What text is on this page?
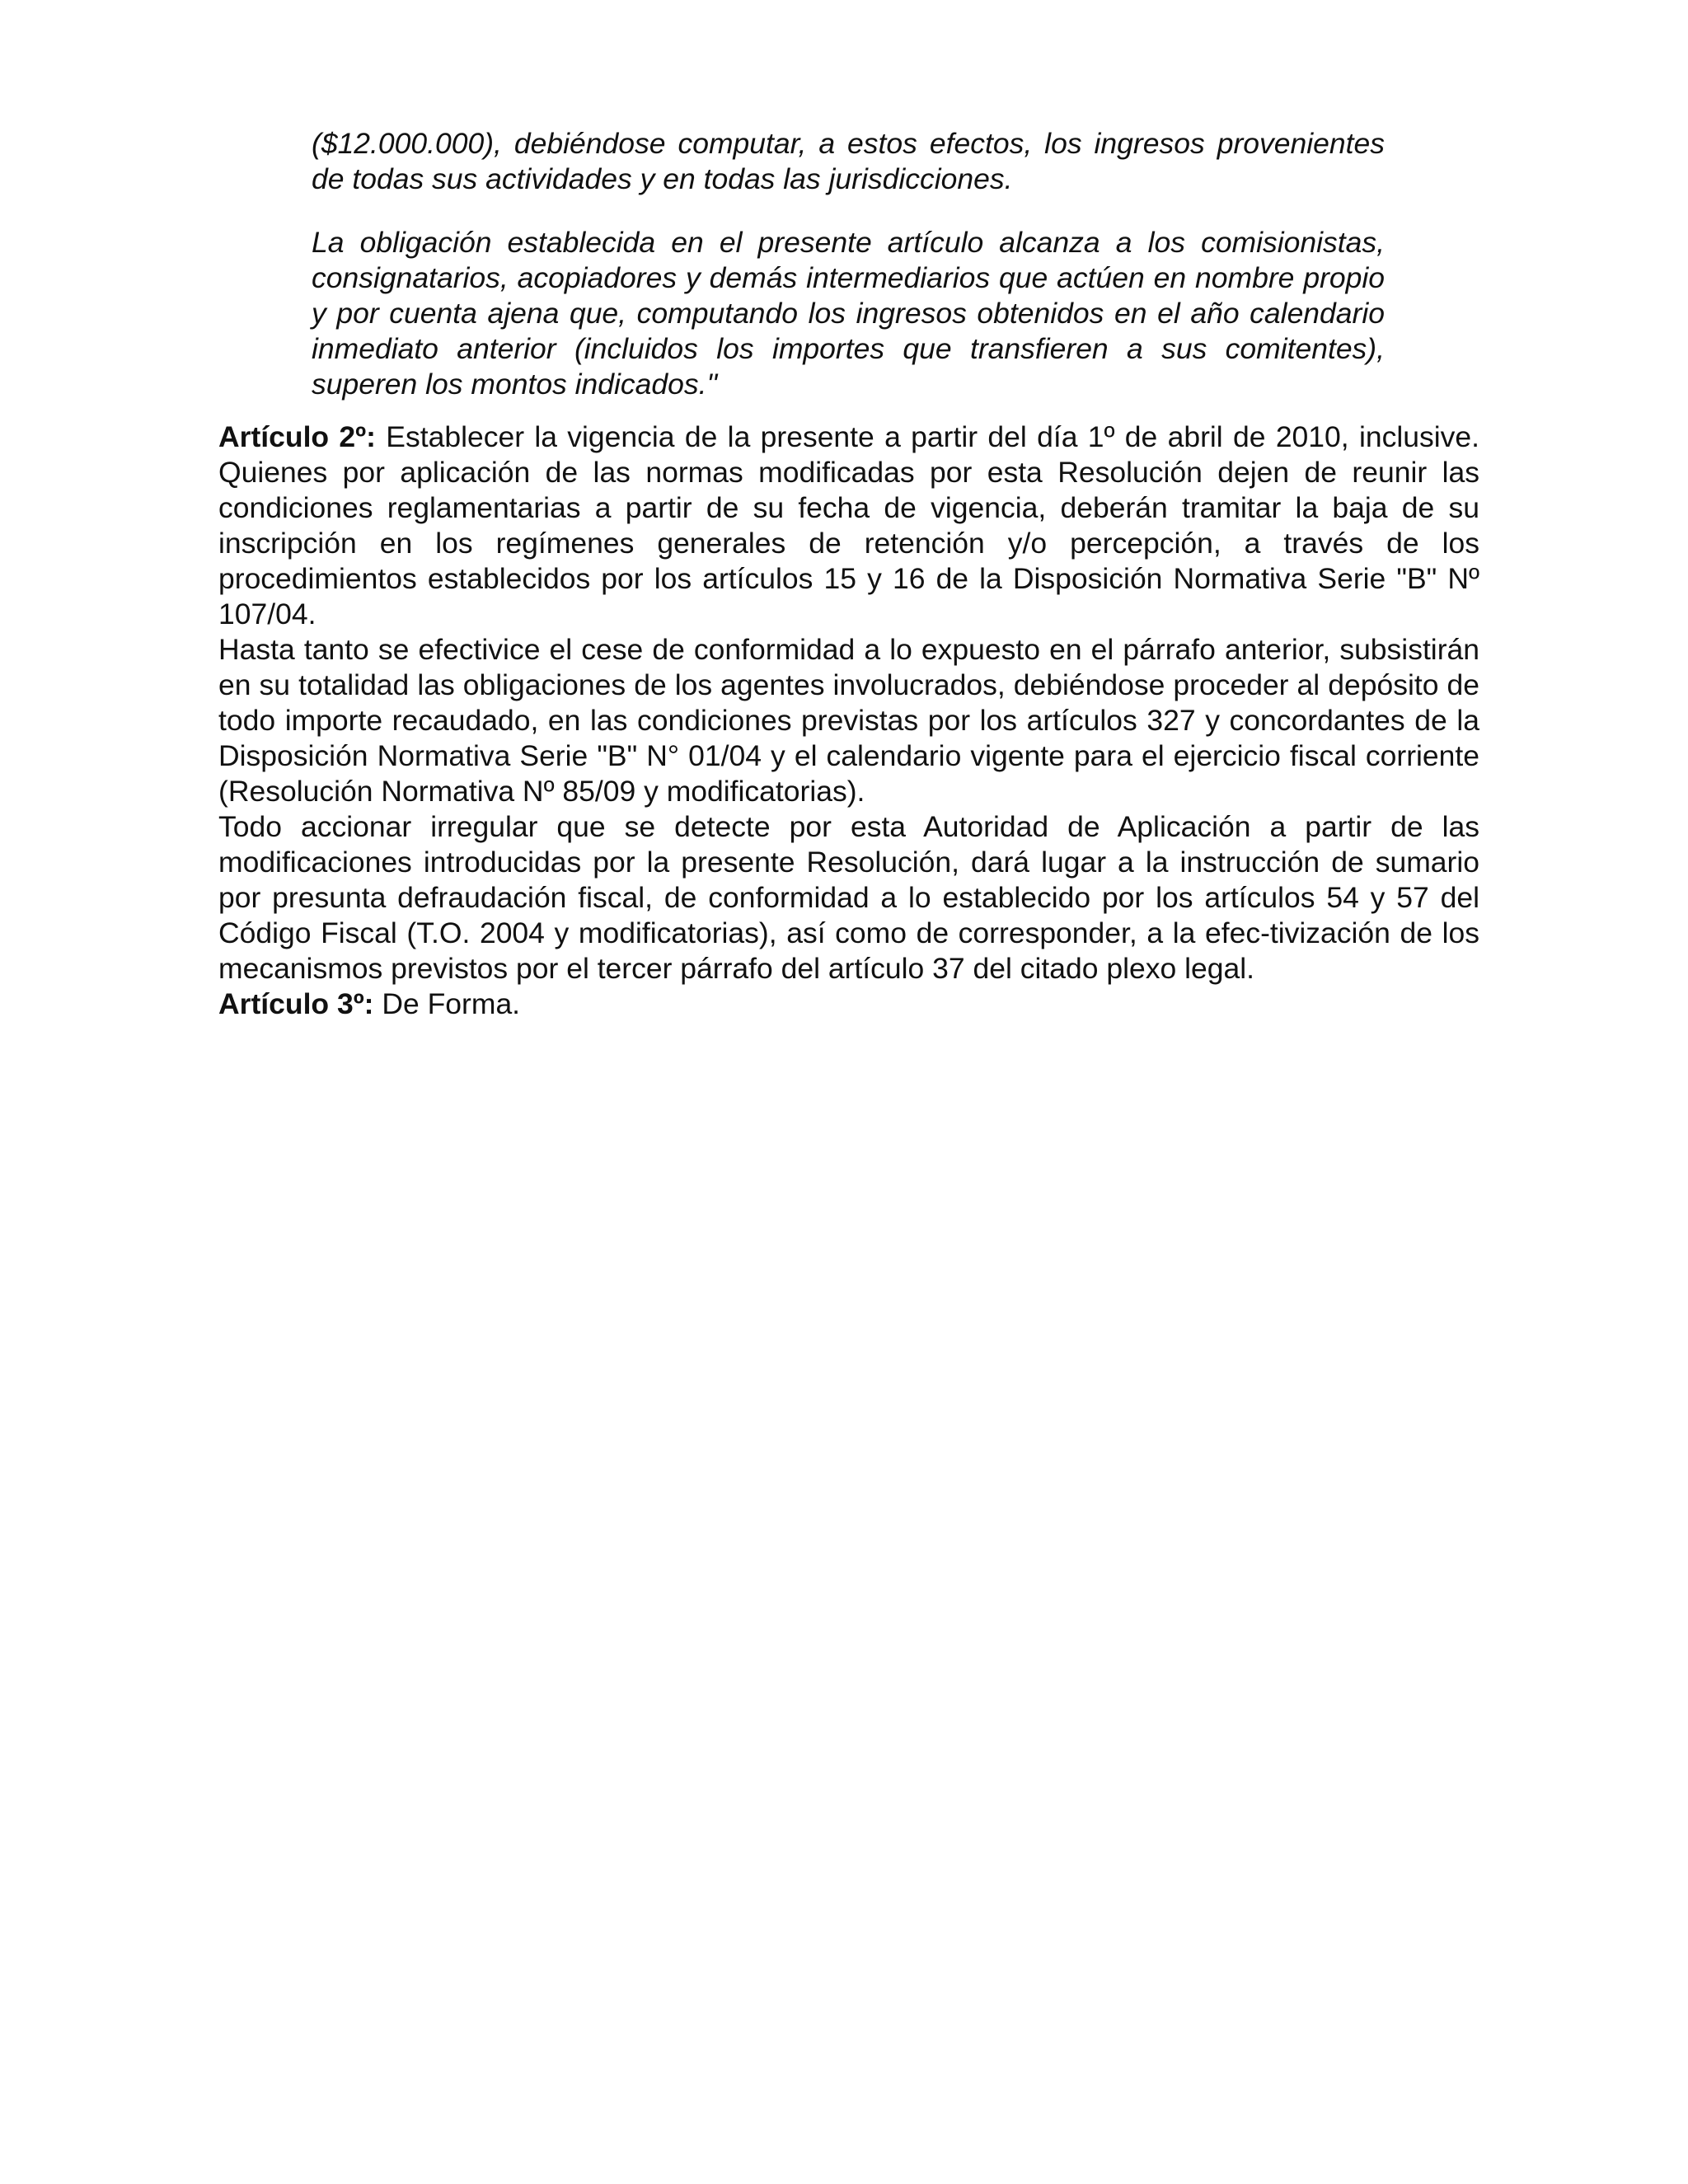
($12.000.000), debiéndose computar, a estos efectos, los ingresos provenientes de todas sus actividades y en todas las jurisdicciones.

La obligación establecida en el presente artículo alcanza a los comisionistas, consignatarios, acopiadores y demás intermediarios que actúen en nombre propio y por cuenta ajena que, computando los ingresos obtenidos en el año calendario inmediato anterior (incluidos los importes que transfieren a sus comitentes), superen los montos indicados."

Artículo 2º: Establecer la vigencia de la presente a partir del día 1º de abril de 2010, inclusive. Quienes por aplicación de las normas modificadas por esta Resolución dejen de reunir las condiciones reglamentarias a partir de su fecha de vigencia, deberán tramitar la baja de su inscripción en los regímenes generales de retención y/o percepción, a través de los procedimientos establecidos por los artículos 15 y 16 de la Disposición Normativa Serie "B" Nº 107/04.

Hasta tanto se efectivice el cese de conformidad a lo expuesto en el párrafo anterior, subsistirán en su totalidad las obligaciones de los agentes involucrados, debiéndose proceder al depósito de todo importe recaudado, en las condiciones previstas por los artículos 327 y concordantes de la Disposición Normativa Serie "B" N° 01/04 y el calendario vigente para el ejercicio fiscal corriente (Resolución Normativa Nº 85/09 y modificatorias).

Todo accionar irregular que se detecte por esta Autoridad de Aplicación a partir de las modificaciones introducidas por la presente Resolución, dará lugar a la instrucción de sumario por presunta defraudación fiscal, de conformidad a lo establecido por los artículos 54 y 57 del Código Fiscal (T.O. 2004 y modificatorias), así como de corresponder, a la efec-tivización de los mecanismos previstos por el tercer párrafo del artículo 37 del citado plexo legal.

Artículo 3º: De Forma.
